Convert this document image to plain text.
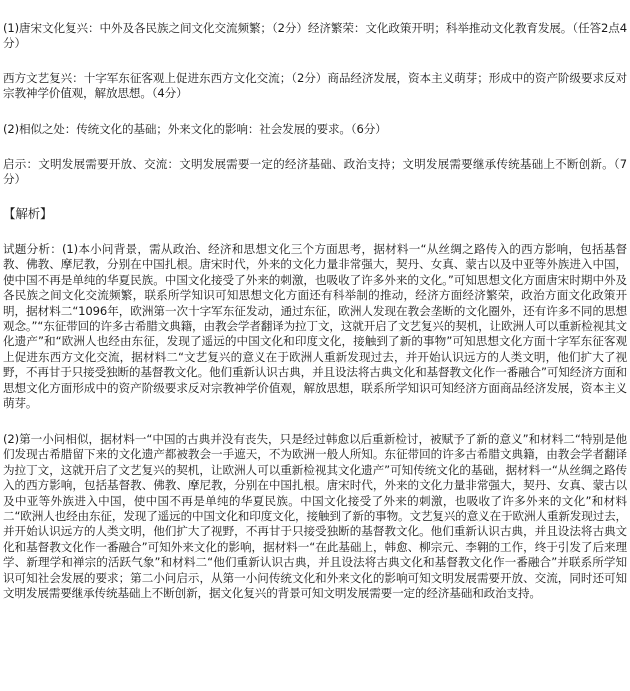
(1)唐宋文化复兴：中外及各民族之间文化交流频繁；（2分）经济繁荣：文化政策开明；科举推动文化教育发展。（任答2点4分）

西方文艺复兴：十字军东征客观上促进东西方文化交流；（2分）商品经济发展，资本主义萌芽；形成中的资产阶级要求反对宗教神学价值观，解放思想。（4分）

(2)相似之处：传统文化的基础；外来文化的影响：社会发展的要求。（6分）

启示：文明发展需要开放、交流：文明发展需要一定的经济基础、政治支持；文明发展需要继承传统基础上不断创新。（7分）

【解析】

试题分析：(1)本小问背景，需从政治、经济和思想文化三个方面思考，据材料一“从丝绸之路传入的西方影响，包括基督教、佛教、摩尼教，分别在中国扎根。唐宋时代，外来的文化力量非常强大，契丹、女真、蒙古以及中亚等外族进入中国，使中国不再是单纯的华夏民族。中国文化接受了外来的刺激，也吸收了许多外来的文化。”可知思想文化方面唐宋时期中外及各民族之间文化交流频繁，联系所学知识可知思想文化方面还有科举制的推动，经济方面经济繁荣，政治方面文化政策开明，据材料二“1096年，欧洲第一次十字军东征发动，通过东征，欧洲人发现在教会垄断的文化圈外，还有许多不同的思想观念。”“东征带回的许多古希腊文典籍，由教会学者翻译为拉丁文，这就开启了文艺复兴的契机，让欧洲人可以重新检视其文化遗产”和“欧洲人也经由东征，发现了遥远的中国文化和印度文化，接触到了新的事物”可知思想文化方面十字军东征客观上促进东西方文化交流，据材料二“文艺复兴的意义在于欧洲人重新发现过去，并开始认识远方的人类文明，他们扩大了视野，不再甘于只接受独断的基督教文化。他们重新认识古典，并且设法将古典文化和基督教文化作一番融合”可知经济方面和思想文化方面形成中的资产阶级要求反对宗教神学价值观，解放思想，联系所学知识可知经济方面商品经济发展，资本主义萌芽。

(2)第一小问相似，据材料一“中国的古典并没有丧失，只是经过韩愈以后重新检讨，被赋予了新的意义”和材料二“特别是他们发现古希腊留下来的文化遗产都被教会一手遮天，不为欧洲一般人所知。东征带回的许多古希腊文典籍，由教会学者翻译为拉丁文，这就开启了文艺复兴的契机，让欧洲人可以重新检视其文化遗产”可知传统文化的基础，据材料一“从丝绸之路传入的西方影响，包括基督教、佛教、摩尼教，分别在中国扎根。唐宋时代，外来的文化力量非常强大，契丹、女真、蒙古以及中亚等外族进入中国，使中国不再是单纯的华夏民族。中国文化接受了外来的刺激，也吸收了许多外来的文化”和材料二“欧洲人也经由东征，发现了遥远的中国文化和印度文化，接触到了新的事物。文艺复兴的意义在于欧洲人重新发现过去，并开始认识远方的人类文明，他们扩大了视野，不再甘于只接受独断的基督教文化。他们重新认识古典，并且设法将古典文化和基督教文化作一番融合”可知外来文化的影响，据材料一“在此基础上，韩愈、柳宗元、李翱的工作，终于引发了后来理学、新理学和禅宗的活跃气象”和材料二“他们重新认识古典，并且设法将古典文化和基督教文化作一番融合”并联系所学知识可知社会发展的要求；第二小问启示，从第一小问传统文化和外来文化的影响可知文明发展需要开放、交流，同时还可知文明发展需要继承传统基础上不断创新，据文化复兴的背景可知文明发展需要一定的经济基础和政治支持。
